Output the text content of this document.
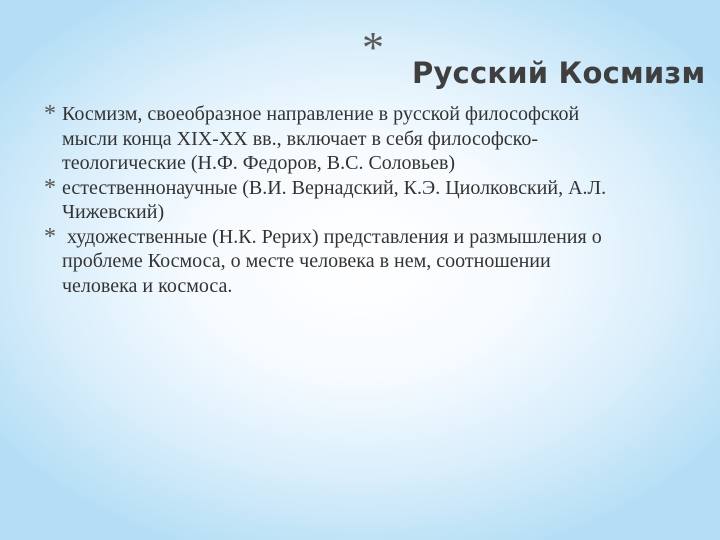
*
Русский Космизм
* Космизм, своеобразное направление в русской философской
мысли конца XIX-XX вв., включает в себя философско-
теологические (Н.Ф. Федоров, В.С. Соловьев)
* естественнонаучные (В.И. Вернадский, К.Э. Циолковский, А.Л.
Чижевский)
* художественные (Н.К. Рерих) представления и размышления о
проблеме Космоса, о месте человека в нем, соотношении
человека и космоса.
